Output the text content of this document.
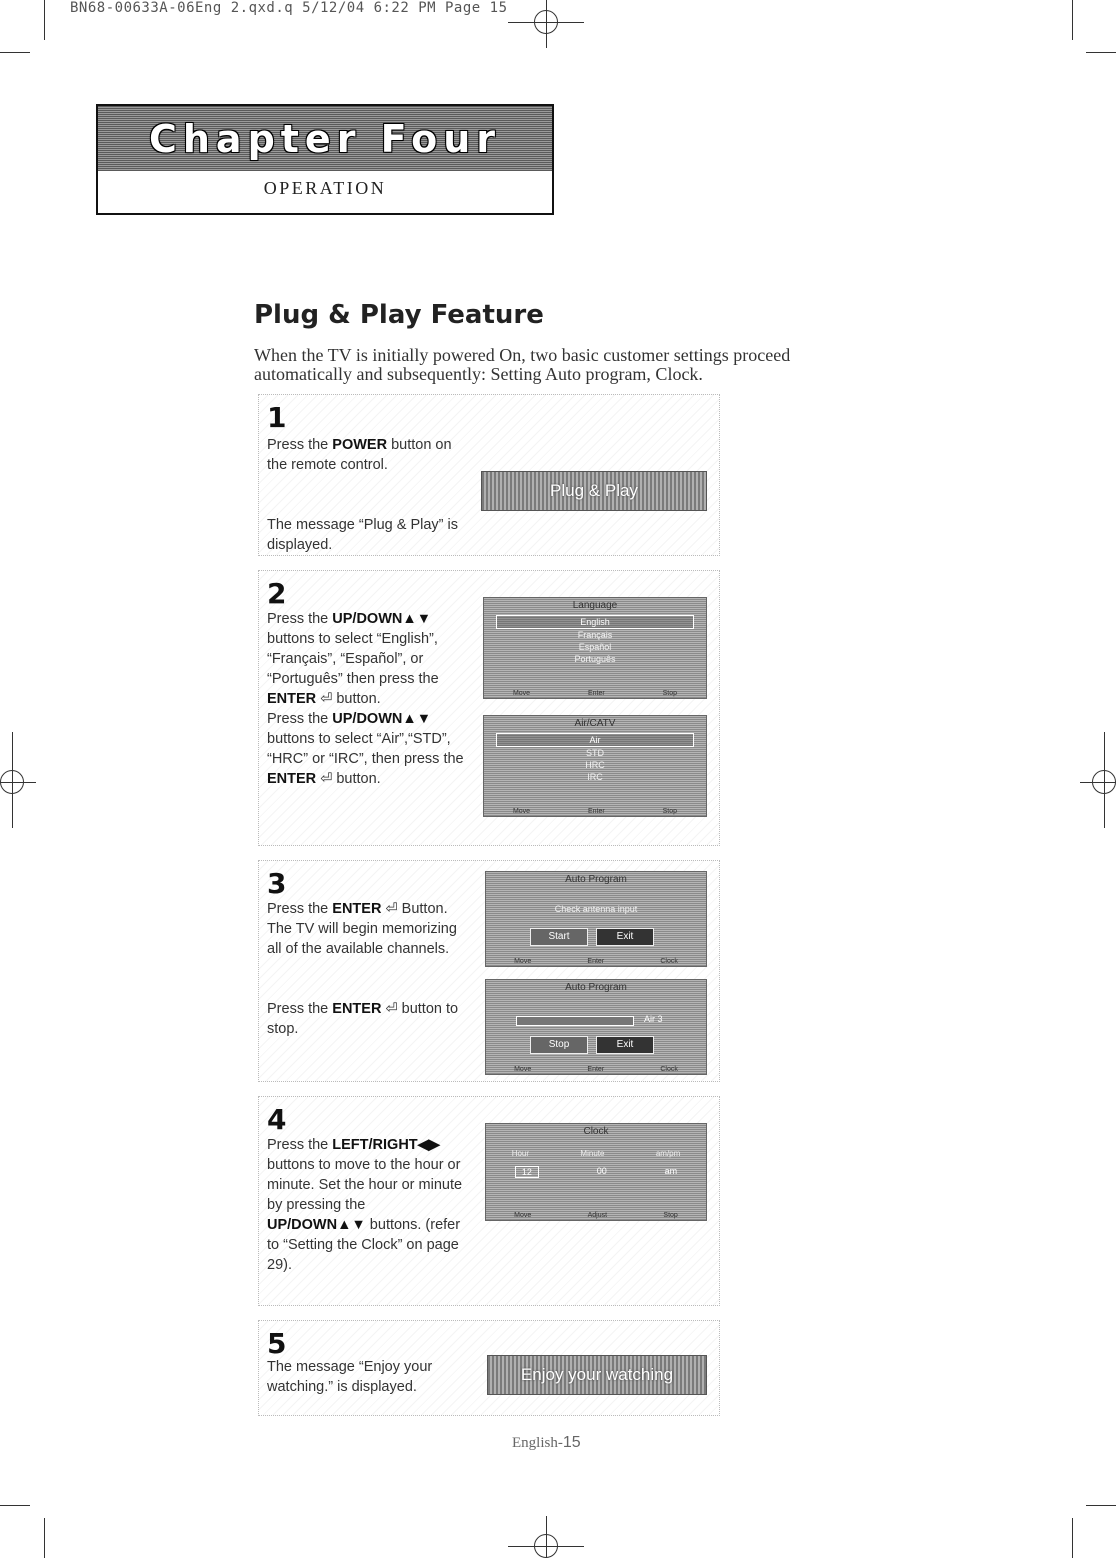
BN68-00633A-06Eng 2.qxd.q 5/12/04 6:22 PM Page 15
Chapter Four
OPERATION
Plug & Play Feature
When the TV is initially powered On, two basic customer settings proceed automatically and subsequently: Setting Auto program, Clock.
1
Press the POWER button on the remote control.
The message “Plug & Play” is displayed.
Plug & Play
2
Press the UP/DOWN▲▼ buttons to select “English”, “Français”, “Español”, or “Português” then press the ENTER ⏎ button.
Press the UP/DOWN▲▼ buttons to select “Air”,“STD”, “HRC” or “IRC”, then press the ENTER ⏎ button.
Language
English
Français
Español
Português
Move	Enter	Stop
Air/CATV
Air
STD
HRC
IRC
Move	Enter	Stop
3
Press the ENTER ⏎ Button. The TV will begin memorizing all of the available channels.
Press the ENTER ⏎ button to stop.
Auto Program
Check antenna input
Start	Exit
Move	Enter	Clock
Auto Program
Air 3
Stop	Exit
Move	Enter	Clock
4
Press the LEFT/RIGHT◀▶ buttons to move to the hour or minute. Set the hour or minute by pressing the UP/DOWN▲▼ buttons. (refer to “Setting the Clock” on page 29).
Clock
Hour	Minute	am/pm
12	00	am
Move	Adjust	Stop
5
The message “Enjoy your watching.” is displayed.
Enjoy your watching
English-15
